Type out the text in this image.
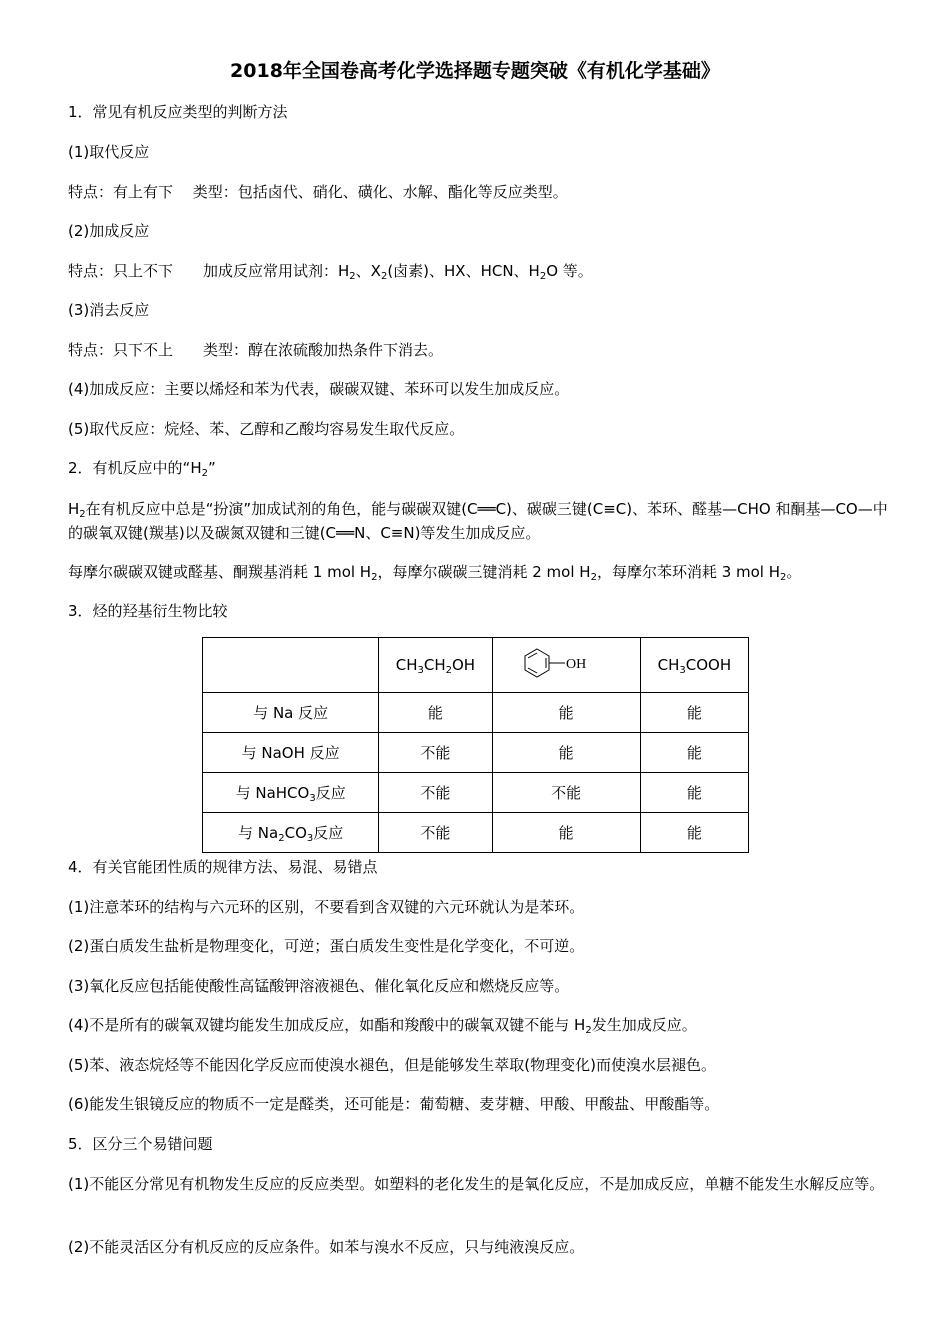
2018年全国卷高考化学选择题专题突破《有机化学基础》
1．常见有机反应类型的判断方法
(1)取代反应
特点：有上有下　 类型：包括卤代、硝化、磺化、水解、酯化等反应类型。
(2)加成反应
特点：只上不下　　加成反应常用试剂：$H_2$、$X_2$(卤素)、HX、HCN、$H_2O$ 等。
(3)消去反应
特点：只下不上　　类型：醇在浓硫酸加热条件下消去。
(4)加成反应：主要以烯烃和苯为代表，碳碳双键、苯环可以发生加成反应。
(5)取代反应：烷烃、苯、乙醇和乙酸均容易发生取代反应。
2．有机反应中的“$H_2$”
$H_2$在有机反应中总是“扮演”加成试剂的角色，能与碳碳双键(C══C)、碳碳三键(C≡C)、苯环、醛基—CHO 和酮基—CO—中的碳氧双键(羰基)以及碳氮双键和三键(C══N、C≡N)等发生加成反应。
每摩尔碳碳双键或醛基、酮羰基消耗 1 mol $H_2$，每摩尔碳碳三键消耗 2 mol $H_2$，每摩尔苯环消耗 3 mol $H_2$。
3．烃的羟基衍生物比较
	$CH_3CH_2OH$	OH	$CH_3COOH$
与 Na 反应	能	能	能
与 NaOH 反应	不能	能	能
与 NaHCO$_3$反应	不能	不能	能
与 $Na_2CO_3$反应	不能	能	能
4．有关官能团性质的规律方法、易混、易错点
(1)注意苯环的结构与六元环的区别，不要看到含双键的六元环就认为是苯环。
(2)蛋白质发生盐析是物理变化，可逆；蛋白质发生变性是化学变化，不可逆。
(3)氧化反应包括能使酸性高锰酸钾溶液褪色、催化氧化反应和燃烧反应等。
(4)不是所有的碳氧双键均能发生加成反应，如酯和羧酸中的碳氧双键不能与 $H_2$发生加成反应。
(5)苯、液态烷烃等不能因化学反应而使溴水褪色，但是能够发生萃取(物理变化)而使溴水层褪色。
(6)能发生银镜反应的物质不一定是醛类，还可能是：葡萄糖、麦芽糖、甲酸、甲酸盐、甲酸酯等。
5．区分三个易错问题
(1)不能区分常见有机物发生反应的反应类型。如塑料的老化发生的是氧化反应，不是加成反应，单糖不能发生水解反应等。
(2)不能灵活区分有机反应的反应条件。如苯与溴水不反应，只与纯液溴反应。
